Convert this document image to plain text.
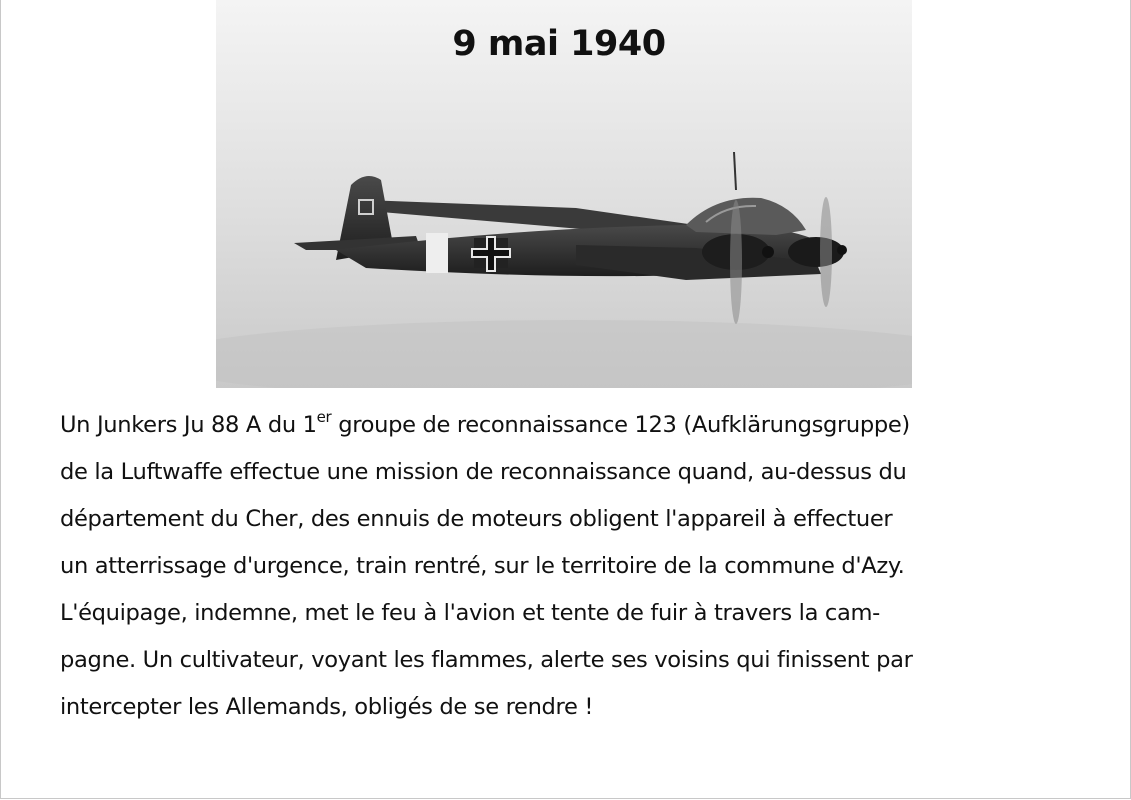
9 mai 1940
Un Junkers Ju 88 A du 1er groupe de reconnaissance 123 (Aufklärungsgruppe)
de la Luftwaffe effectue une mission de reconnaissance quand, au-dessus du
département du Cher, des ennuis de moteurs obligent l'appareil à effectuer
un atterrissage d'urgence, train rentré, sur le territoire de la commune d'Azy.
L'équipage, indemne, met le feu à l'avion et tente de fuir à travers la cam-
pagne. Un cultivateur, voyant les flammes, alerte ses voisins qui finissent par
intercepter les Allemands, obligés de se rendre !
